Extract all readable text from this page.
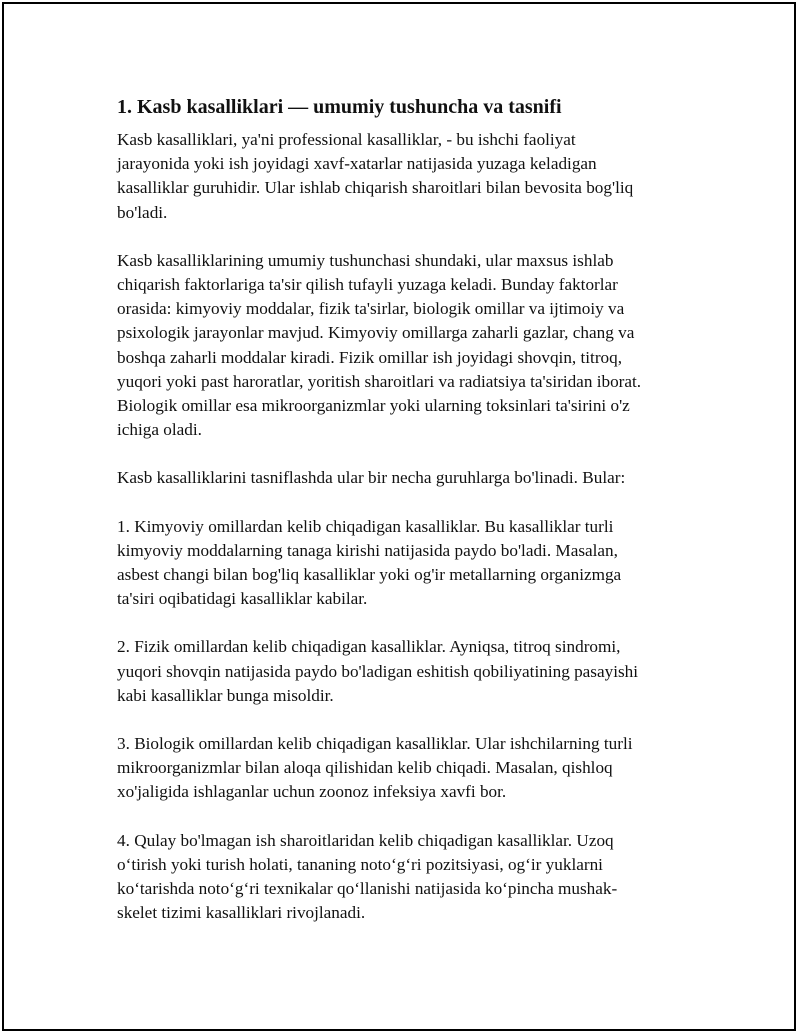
1. Kasb kasalliklari — umumiy tushuncha va tasnifi

Kasb kasalliklari, ya'ni professional kasalliklar, - bu ishchi faoliyat
jarayonida yoki ish joyidagi xavf-xatarlar natijasida yuzaga keladigan
kasalliklar guruhidir. Ular ishlab chiqarish sharoitlari bilan bevosita bog'liq
bo'ladi.

Kasb kasalliklarining umumiy tushunchasi shundaki, ular maxsus ishlab
chiqarish faktorlariga ta'sir qilish tufayli yuzaga keladi. Bunday faktorlar
orasida: kimyoviy moddalar, fizik ta'sirlar, biologik omillar va ijtimoiy va
psixologik jarayonlar mavjud. Kimyoviy omillarga zaharli gazlar, chang va
boshqa zaharli moddalar kiradi. Fizik omillar ish joyidagi shovqin, titroq,
yuqori yoki past haroratlar, yoritish sharoitlari va radiatsiya ta'siridan iborat.
Biologik omillar esa mikroorganizmlar yoki ularning toksinlari ta'sirini o'z
ichiga oladi.

Kasb kasalliklarini tasniflashda ular bir necha guruhlarga bo'linadi. Bular:

1. Kimyoviy omillardan kelib chiqadigan kasalliklar. Bu kasalliklar turli
kimyoviy moddalarning tanaga kirishi natijasida paydo bo'ladi. Masalan,
asbest changi bilan bog'liq kasalliklar yoki og'ir metallarning organizmga
ta'siri oqibatidagi kasalliklar kabilar.

2. Fizik omillardan kelib chiqadigan kasalliklar. Ayniqsa, titroq sindromi,
yuqori shovqin natijasida paydo bo'ladigan eshitish qobiliyatining pasayishi
kabi kasalliklar bunga misoldir.

3. Biologik omillardan kelib chiqadigan kasalliklar. Ular ishchilarning turli
mikroorganizmlar bilan aloqa qilishidan kelib chiqadi. Masalan, qishloq
xo'jaligida ishlaganlar uchun zoonoz infeksiya xavfi bor.

4. Qulay bo'lmagan ish sharoitlaridan kelib chiqadigan kasalliklar. Uzoq
o‘tirish yoki turish holati, tananing noto‘g‘ri pozitsiyasi, og‘ir yuklarni
ko‘tarishda noto‘g‘ri texnikalar qo‘llanishi natijasida ko‘pincha mushak-
skelet tizimi kasalliklari rivojlanadi.
